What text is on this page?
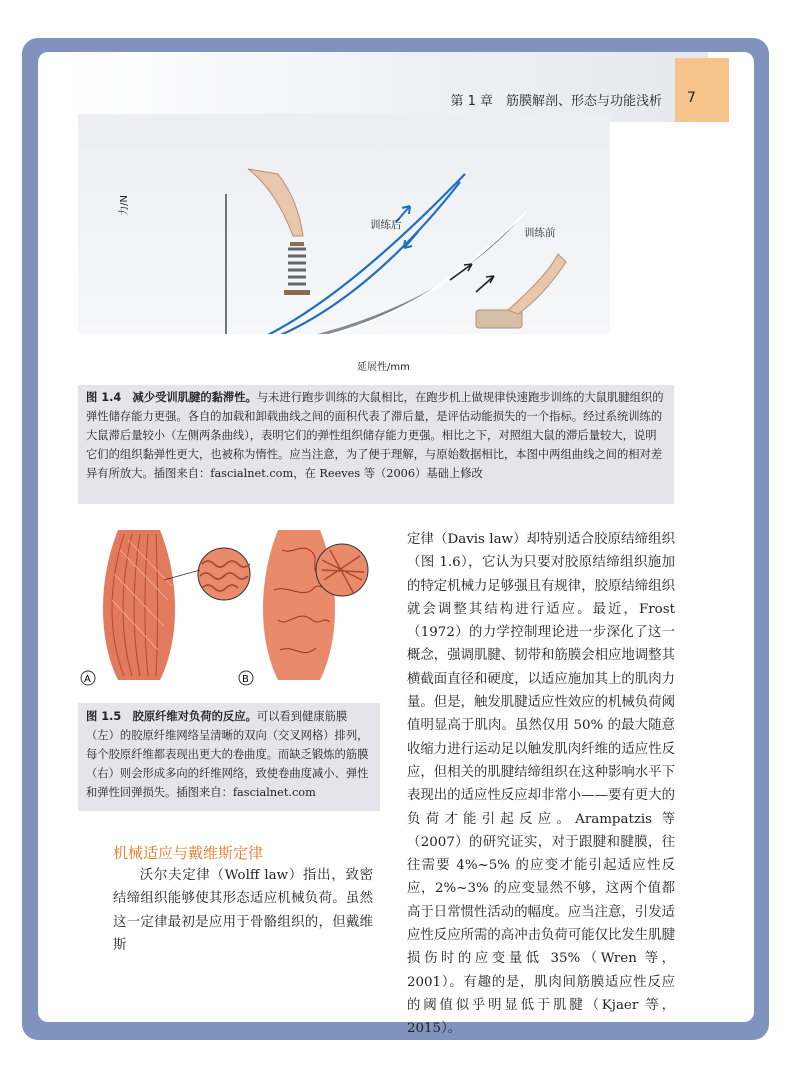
7
第 1 章　筋膜解剖、形态与功能浅析
训练后
训练前
力/N
延展性/mm
图 1.4　减少受训肌腱的黏滞性。与未进行跑步训练的大鼠相比，在跑步机上做规律快速跑步训练的大鼠肌腱组织的弹性储存能力更强。各自的加载和卸载曲线之间的面积代表了滞后量，是评估动能损失的一个指标。经过系统训练的大鼠滞后量较小（左侧两条曲线），表明它们的弹性组织储存能力更强。相比之下，对照组大鼠的滞后量较大，说明它们的组织黏弹性更大，也被称为惰性。应当注意，为了便于理解，与原始数据相比，本图中两组曲线之间的相对差异有所放大。插图来自：fascialnet.com，在 Reeves 等（2006）基础上修改
A	B
图 1.5　胶原纤维对负荷的反应。可以看到健康筋膜（左）的胶原纤维网络呈清晰的双向（交叉网格）排列，每个胶原纤维都表现出更大的卷曲度。而缺乏锻炼的筋膜（右）则会形成多向的纤维网络，致使卷曲度减小、弹性和弹性回弹损失。插图来自：fascialnet.com
机械适应与戴维斯定律

沃尔夫定律（Wolff law）指出，致密结缔组织能够使其形态适应机械负荷。虽然这一定律最初是应用于骨骼组织的，但戴维斯

定律（Davis law）却特别适合胶原结缔组织（图 1.6），它认为只要对胶原结缔组织施加的特定机械力足够强且有规律，胶原结缔组织就会调整其结构进行适应。最近，Frost（1972）的力学控制理论进一步深化了这一概念，强调肌腱、韧带和筋膜会相应地调整其横截面直径和硬度，以适应施加其上的肌肉力量。但是，触发肌腱适应性效应的机械负荷阈值明显高于肌肉。虽然仅用 50% 的最大随意收缩力进行运动足以触发肌肉纤维的适应性反应，但相关的肌腱结缔组织在这种影响水平下表现出的适应性反应却非常小——要有更大的负荷才能引起反应。Arampatzis 等（2007）的研究证实，对于跟腱和腱膜，往往需要 4%~5% 的应变才能引起适应性反应，2%~3% 的应变显然不够，这两个值都高于日常惯性活动的幅度。应当注意，引发适应性反应所需的高冲击负荷可能仅比发生肌腱损伤时的应变量低 35%（Wren 等，2001）。有趣的是，肌肉间筋膜适应性反应的阈值似乎明显低于肌腱（Kjaer 等，2015）。
